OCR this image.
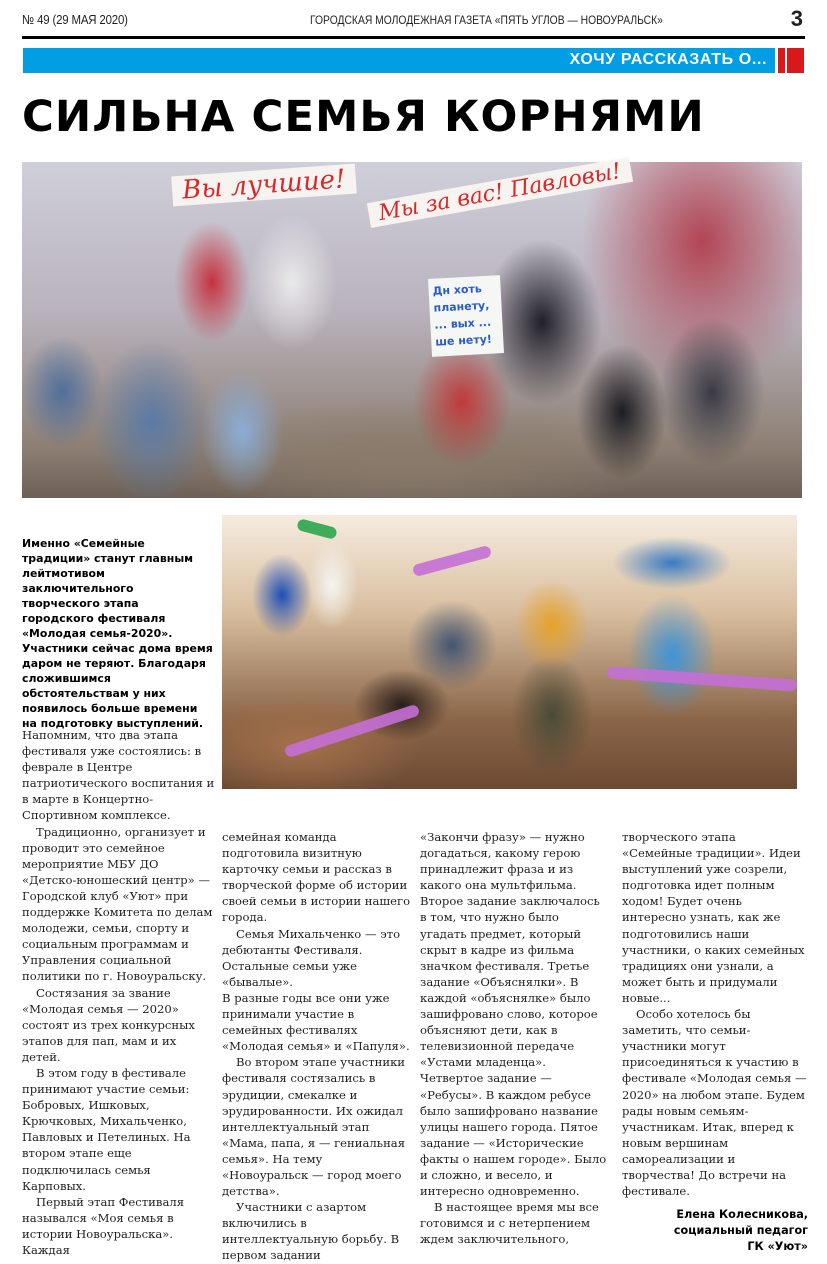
№ 49 (29 МАЯ 2020)	ГОРОДСКАЯ МОЛОДЕЖНАЯ ГАЗЕТА «ПЯТЬ УГЛОВ — НОВОУРАЛЬСК»	3
ХОЧУ РАССКАЗАТЬ О...
СИЛЬНА СЕМЬЯ КОРНЯМИ
Вы лучшие!	Мы за вас! Павловы!
Дн хоть планету, ... вых ... ше нету!
Именно «Семейные традиции» станут главным лейтмотивом заключительного творческого этапа городского фестиваля «Молодая семья-2020». Участники сейчас дома время даром не теряют. Благодаря сложившимся обстоятельствам у них появилось больше времени на подготовку выступлений.

Напомним, что два этапа фестиваля уже состоялись: в феврале в Центре патриотического воспитания и в марте в Концертно-Спортивном комплексе.

Традиционно, организует и проводит это семейное мероприятие МБУ ДО «Детско-юношеский центр» — Городской клуб «Уют» при поддержке Комитета по делам молодежи, семьи, спорту и социальным программам и Управления социальной политики по г. Новоуральску.

Состязания за звание «Молодая семья — 2020» состоят из трех конкурсных этапов для пап, мам и их детей.

В этом году в фестивале принимают участие семьи: Бобровых, Ишковых, Крючковых, Михальченко, Павловых и Петелиных. На втором этапе еще подключилась семья Карповых.

Первый этап Фестиваля назывался «Моя семья в истории Новоуральска». Каждая

семейная команда подготовила визитную карточку семьи и рассказ в творческой форме об истории своей семьи в истории нашего города.

Семья Михальченко — это дебютанты Фестиваля. Остальные семьи уже «бывалые».

В разные годы все они уже принимали участие в семейных фестивалях «Молодая семья» и «Папуля».

Во втором этапе участники фестиваля состязались в эрудиции, смекалке и эрудированности. Их ожидал интеллектуальный этап «Мама, папа, я — гениальная семья». На тему «Новоуральск — город моего детства».

Участники с азартом включились в интеллектуальную борьбу. В первом задании

«Закончи фразу» — нужно догадаться, какому герою принадлежит фраза и из какого она мультфильма. Второе задание заключалось в том, что нужно было угадать предмет, который скрыт в кадре из фильма значком фестиваля. Третье задание «Объяснялки». В каждой «объяснялке» было зашифровано слово, которое объясняют дети, как в телевизионной передаче «Устами младенца». Четвертое задание — «Ребусы». В каждом ребусе было зашифровано название улицы нашего города. Пятое задание — «Исторические факты о нашем городе». Было и сложно, и весело, и интересно одновременно.

В настоящее время мы все готовимся и с нетерпением ждем заключительного,

творческого этапа «Семейные традиции». Идеи выступлений уже созрели, подготовка идет полным ходом! Будет очень интересно узнать, как же подготовились наши участники, о каких семейных традициях они узнали, а может быть и придумали новые...

Особо хотелось бы заметить, что семьи-участники могут присоединяться к участию в фестивале «Молодая семья — 2020» на любом этапе. Будем рады новым семьям-участникам. Итак, вперед к новым вершинам самореализации и творчества! До встречи на фестивале.

Елена Колесникова,
социальный педагог
ГК «Уют»
